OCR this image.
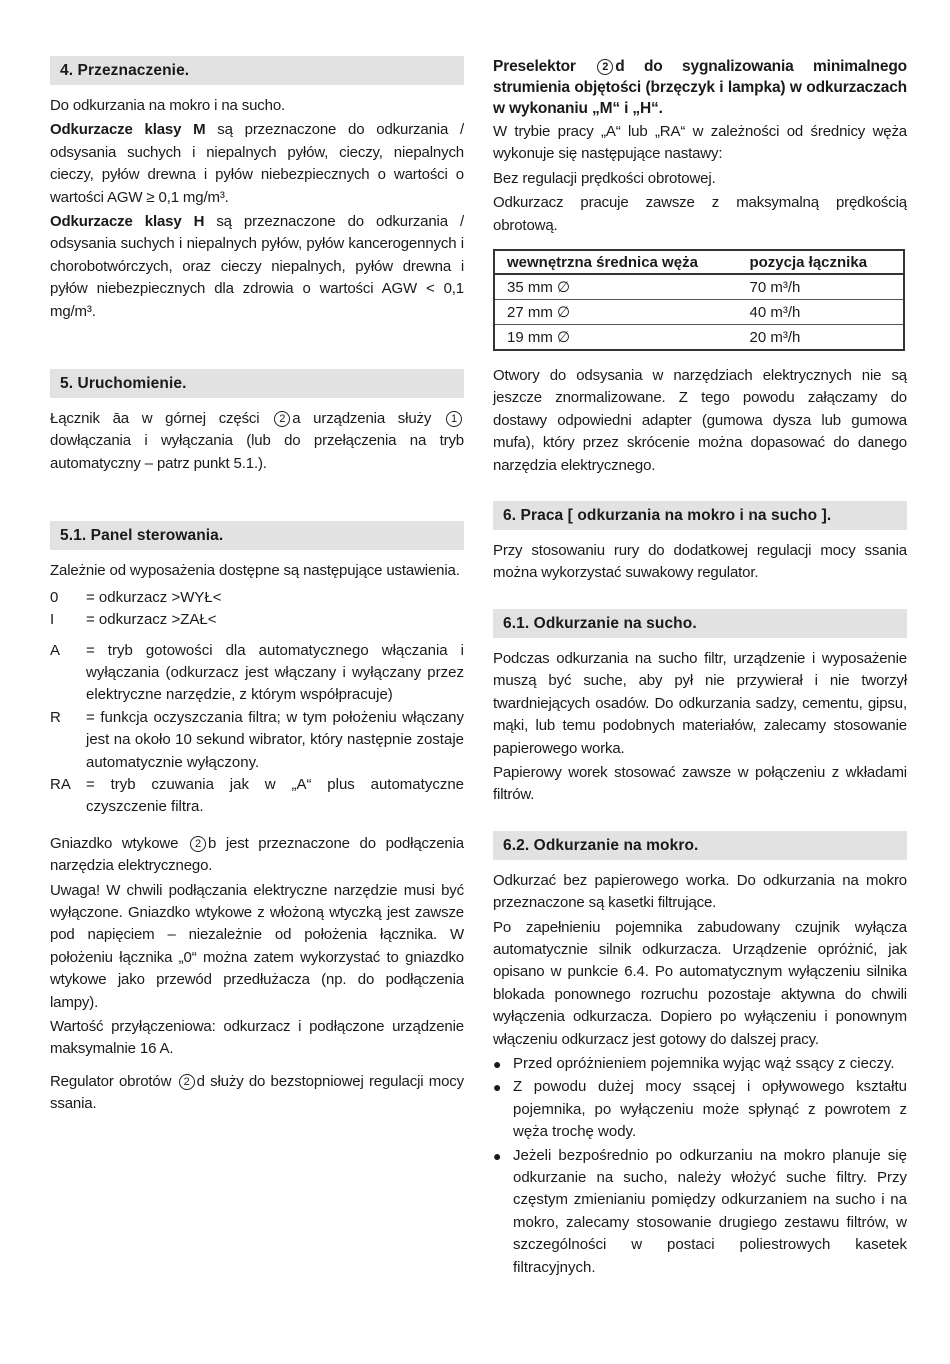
4. Przeznaczenie.

Do odkurzania na mokro i na sucho.

Odkurzacze klasy M są przeznaczone do odkurzania / odsysania suchych i niepalnych pyłów, cieczy, niepalnych cieczy, pyłów drewna i pyłów niebezpiecznych o wartości o wartości AGW ≥ 0,1 mg/m³.

Odkurzacze klasy H są przeznaczone do odkurzania / odsysania suchych i niepalnych pyłów, pyłów kancerogennych i chorobotwórczych, oraz cieczy niepalnych, pyłów drewna i pyłów niebezpiecznych dla zdrowia o wartości AGW < 0,1 mg/m³.

5. Uruchomienie.

Łącznik āa w górnej części 2 a urządzenia służy 1 dowłączania i wyłączania (lub do przełączenia na tryb automatyczny – patrz punkt 5.1.).

5.1. Panel sterowania.

Zależnie od wyposażenia dostępne są następujące ustawienia.

0	= odkurzacz >WYŁ<
I	= odkurzacz >ZAŁ<
A	= tryb gotowości dla automatycznego włączania i wyłączania (odkurzacz jest włączany i wyłączany przez elektryczne narzędzie, z którym współpracuje)
R	= funkcja oczyszczania filtra; w tym położeniu włączany jest na około 10 sekund wibrator, który następnie zostaje automatycznie wyłączony.
RA	= tryb czuwania jak w „A“ plus automatyczne czyszczenie filtra.

Gniazdko wtykowe 2 b jest przeznaczone do podłączenia narzędzia elektrycznego.

Uwaga! W chwili podłączania elektryczne narzędzie musi być wyłączone. Gniazdko wtykowe z włożoną wtyczką jest zawsze pod napięciem – niezależnie od położenia łącznika. W położeniu łącznika „0“ można zatem wykorzystać to gniazdko wtykowe jako przewód przedłużacza (np. do podłączenia lampy).

Wartość przyłączeniowa: odkurzacz i podłączone urządzenie maksymalnie 16 A.

Regulator obrotów 2 d służy do bezstopniowej regulacji mocy ssania.

Preselektor 2 d do sygnalizowania minimalnego strumienia objętości (brzęczyk i lampka) w odkurzaczach w wykonaniu „M“ i „H“.

W trybie pracy „A“ lub „RA“ w zależności od średnicy węża wykonuje się następujące nastawy:

Bez regulacji prędkości obrotowej.

Odkurzacz pracuje zawsze z maksymalną prędkością obrotową.

wewnętrzna średnica węża	pozycja łącznika
35 mm ∅	70 m³/h
27 mm ∅	40 m³/h
19 mm ∅	20 m³/h

Otwory do odsysania w narzędziach elektrycznych nie są jeszcze znormalizowane. Z tego powodu załączamy do dostawy odpowiedni adapter (gumowa dysza lub gumowa mufa), który przez skrócenie można dopasować do danego narzędzia elektrycznego.

6. Praca [ odkurzania na mokro i na sucho ].

Przy stosowaniu rury do dodatkowej regulacji mocy ssania można wykorzystać suwakowy regulator.

6.1. Odkurzanie na sucho.

Podczas odkurzania na sucho filtr, urządzenie i wyposażenie muszą być suche, aby pył nie przywierał i nie tworzył twardniejących osadów. Do odkurzania sadzy, cementu, gipsu, mąki, lub temu podobnych materiałów, zalecamy stosowanie papierowego worka.

Papierowy worek stosować zawsze w połączeniu z wkładami filtrów.

6.2. Odkurzanie na mokro.

Odkurzać bez papierowego worka. Do odkurzania na mokro przeznaczone są kasetki filtrujące.

Po zapełnieniu pojemnika zabudowany czujnik wyłącza automatycznie silnik odkurzacza. Urządzenie opróżnić, jak opisano w punkcie 6.4. Po automatycznym wyłączeniu silnika blokada ponownego rozruchu pozostaje aktywna do chwili wyłączenia odkurzacza. Dopiero po wyłączeniu i ponownym włączeniu odkurzacz jest gotowy do dalszej pracy.

● Przed opróżnieniem pojemnika wyjąc wąż ssący z cieczy.
● Z powodu dużej mocy ssącej i opływowego kształtu pojemnika, po wyłączeniu może spłynąć z powrotem z węża trochę wody.
● Jeżeli bezpośrednio po odkurzaniu na mokro planuje się odkurzanie na sucho, należy włożyć suche filtry. Przy częstym zmienianiu pomiędzy odkurzaniem na sucho i na mokro, zalecamy stosowanie drugiego zestawu filtrów, w szczególności w postaci poliestrowych kasetek filtracyjnych.
